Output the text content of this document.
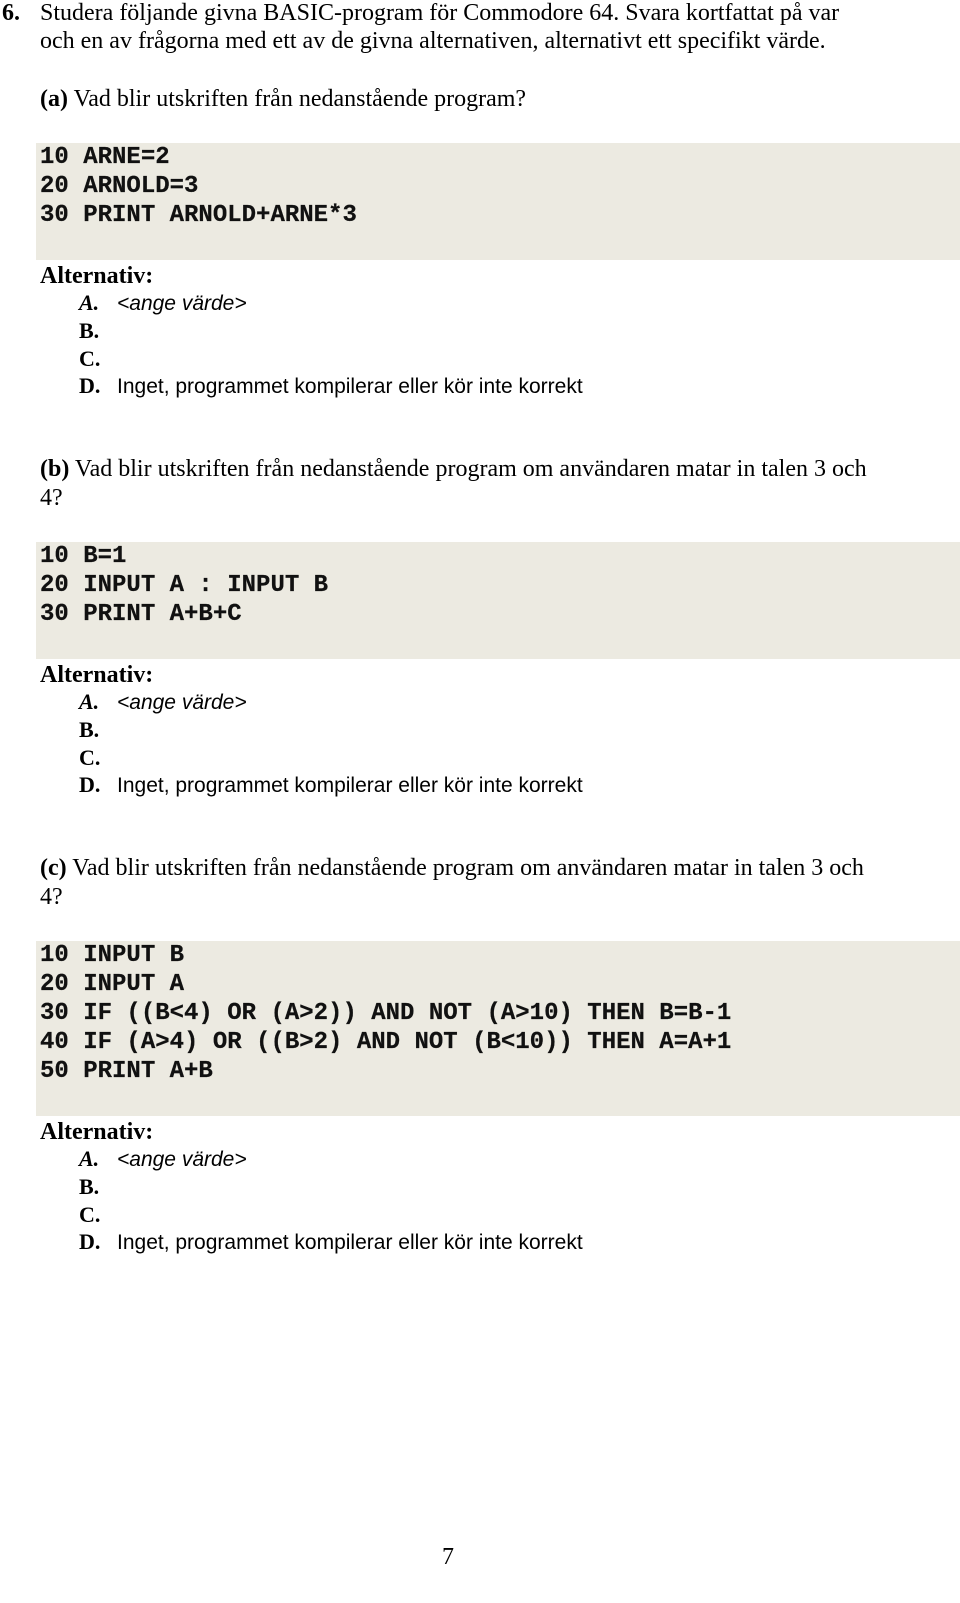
6. Studera följande givna BASIC-program för Commodore 64. Svara kortfattat på var
och en av frågorna med ett av de givna alternativen, alternativt ett specifikt värde.
(a) Vad blir utskriften från nedanstående program?
10 ARNE=2
20 ARNOLD=3
30 PRINT ARNOLD+ARNE*3
Alternativ:
A. <ange värde>
B.
C.
D. Inget, programmet kompilerar eller kör inte korrekt
(b) Vad blir utskriften från nedanstående program om användaren matar in talen 3 och
4?
10 B=1
20 INPUT A : INPUT B
30 PRINT A+B+C
Alternativ:
A. <ange värde>
B.
C.
D. Inget, programmet kompilerar eller kör inte korrekt
(c) Vad blir utskriften från nedanstående program om användaren matar in talen 3 och
4?
10 INPUT B
20 INPUT A
30 IF ((B<4) OR (A>2)) AND NOT (A>10) THEN B=B-1
40 IF (A>4) OR ((B>2) AND NOT (B<10)) THEN A=A+1
50 PRINT A+B
Alternativ:
A. <ange värde>
B.
C.
D. Inget, programmet kompilerar eller kör inte korrekt
7
